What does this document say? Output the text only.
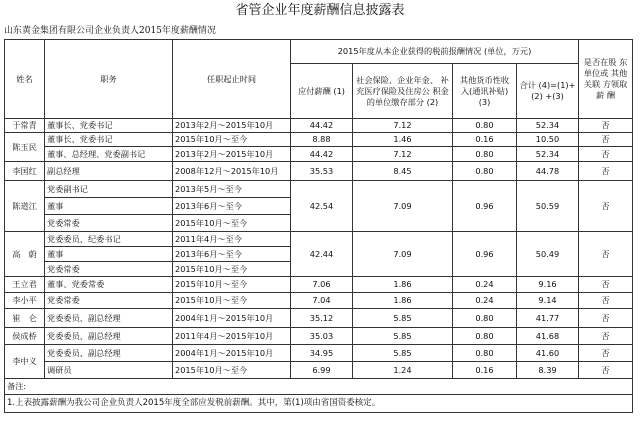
省管企业年度薪酬信息披露表
山东黄金集团有限公司企业负责人2015年度薪酬情况
姓名	职务	任职起止时间	2015年度从本企业获得的税前报酬情况 (单位，万元)				是否在股 东单位或 其他关联 方领取薪 酬
			应付薪酬 (1)	社会保险、企业年金、 补充医疗保险及住房公 积金的单位缴存部分 (2)	其他货币性收 入(通讯补贴) (3)	合计 (4)=(1)+(2) +(3)	
于常青	董事长、党委书记	2013年2月～2015年10月	44.42	7.12	0.80	52.34	否
陈玉民	董事长、党委书记	2015年10月～至今	8.88	1.46	0.16	10.50	否
	董事、总经理、党委副书记	2013年2月～2015年10月	44.42	7.12	0.80	52.34	否
李国红	副总经理	2008年12月～2015年10月	35.53	8.45	0.80	44.78	否
陈道江	党委副书记	2013年5月～至今	42.54	7.09	0.96	50.59	否
	董事	2013年6月～至今					
	党委常委	2015年10月～至今					
高　蔚	党委委员、纪委书记	2011年4月～至今	42.44	7.09	0.96	50.49	否
	董事	2013年6月～至今					
	党委常委	2015年10月～至今					
王立君	董事、党委常委	2015年10月～至今	7.06	1.86	0.24	9.16	否
李小平	党委常委	2015年10月～至今	7.04	1.86	0.24	9.14	否
崔　仑	党委委员、副总经理	2004年1月～2015年10月	35.12	5.85	0.80	41.77	否
侯成桥	党委委员、副总经理	2011年4月～2015年10月	35.03	5.85	0.80	41.68	否
李中义	党委委员、副总经理	2004年1月～2015年10月	34.95	5.85	0.80	41.60	否
	调研员	2015年10月～至今	6.99	1.24	0.16	8.39	否
备注:							
1.上表披露薪酬为我公司企业负责人2015年度全部应发税前薪酬。其中，第(1)项由省国资委核定。							
